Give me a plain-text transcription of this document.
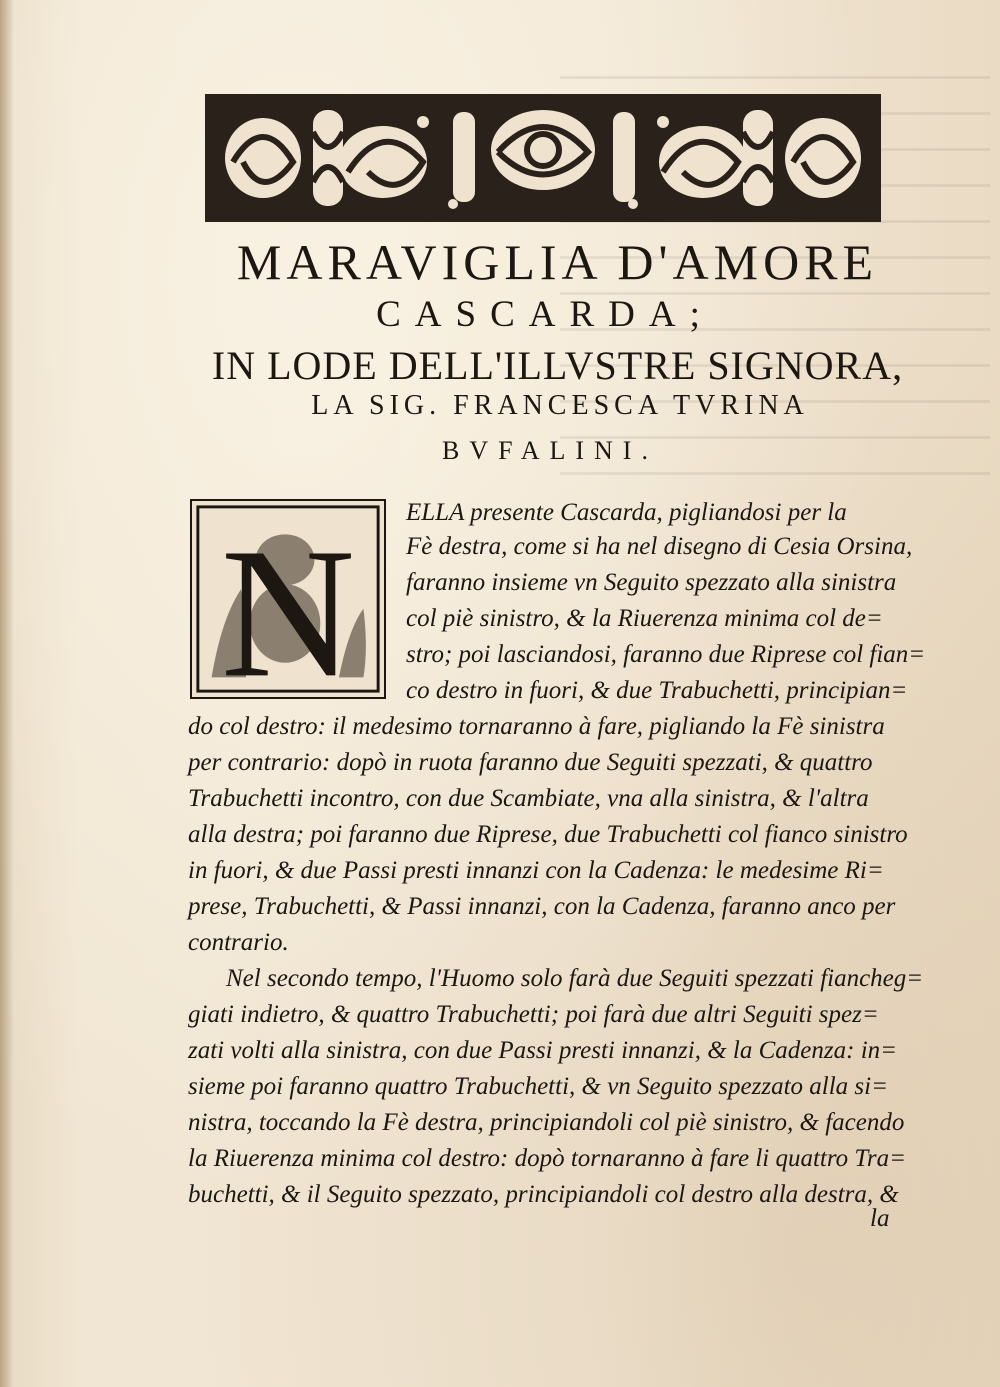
MARAVIGLIA D'AMORE
CASCARDA;
IN LODE DELL'ILLVSTRE SIGNORA,
LA SIG. FRANCESCA TVRINA
BVFALINI.
N ELLA presente Cascarda, pigliandosi per la

Fè destra, come si ha nel disegno di Cesia Orsina,

faranno insieme vn Seguito spezzato alla sinistra

col piè sinistro, & la Riuerenza minima col de=

stro; poi lasciandosi, faranno due Riprese col fian=

co destro in fuori, & due Trabuchetti, principian=

do col destro: il medesimo tornaranno à fare, pigliando la Fè sinistra

per contrario: dopò in ruota faranno due Seguiti spezzati, & quattro

Trabuchetti incontro, con due Scambiate, vna alla sinistra, & l'altra

alla destra; poi faranno due Riprese, due Trabuchetti col fianco sinistro

in fuori, & due Passi presti innanzi con la Cadenza: le medesime Ri=

prese, Trabuchetti, & Passi innanzi, con la Cadenza, faranno anco per

contrario.

Nel secondo tempo, l'Huomo solo farà due Seguiti spezzati fiancheg=

giati indietro, & quattro Trabuchetti; poi farà due altri Seguiti spez=

zati volti alla sinistra, con due Passi presti innanzi, & la Cadenza: in=

sieme poi faranno quattro Trabuchetti, & vn Seguito spezzato alla si=

nistra, toccando la Fè destra, principiandoli col piè sinistro, & facendo

la Riuerenza minima col destro: dopò tornaranno à fare li quattro Tra=

buchetti, & il Seguito spezzato, principiandoli col destro alla destra, &

la
